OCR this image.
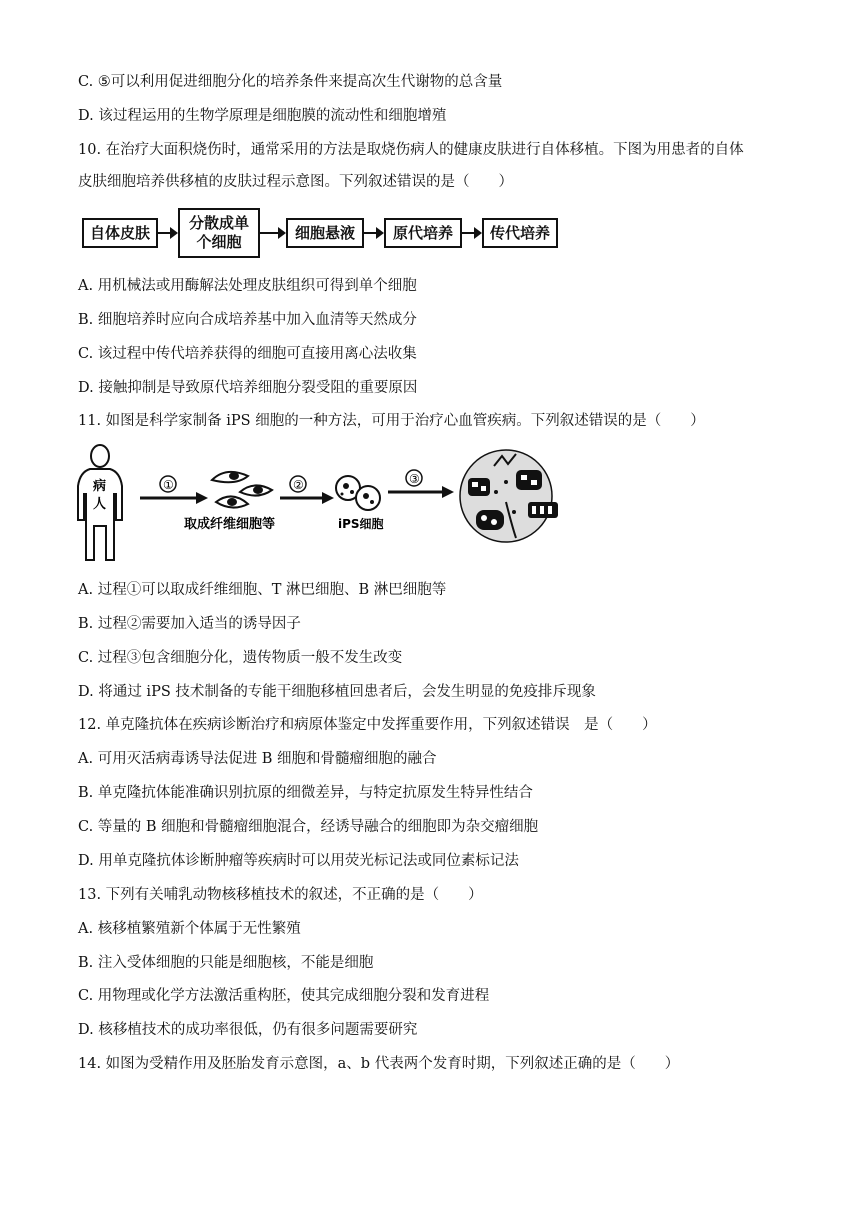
C. ⑤可以利用促进细胞分化的培养条件来提高次生代谢物的总含量
D. 该过程运用的生物学原理是细胞膜的流动性和细胞增殖
10. 在治疗大面积烧伤时，通常采用的方法是取烧伤病人的健康皮肤进行自体移植。下图为用患者的自体
皮肤细胞培养供移植的皮肤过程示意图。下列叙述错误的是（　　）
自体皮肤
分散成单
个细胞
细胞悬液	原代培养	传代培养
A. 用机械法或用酶解法处理皮肤组织可得到单个细胞
B. 细胞培养时应向合成培养基中加入血清等天然成分
C. 该过程中传代培养获得的细胞可直接用离心法收集
D. 接触抑制是导致原代培养细胞分裂受阻的重要原因
11. 如图是科学家制备 iPS 细胞的一种方法，可用于治疗心血管疾病。下列叙述错误的是（　　）
病
人
①
取成纤维细胞等
②
iPS细胞
③
A. 过程①可以取成纤维细胞、T 淋巴细胞、B 淋巴细胞等
B. 过程②需要加入适当的诱导因子
C. 过程③包含细胞分化，遗传物质一般不发生改变
D. 将通过 iPS 技术制备的专能干细胞移植回患者后，会发生明显的免疫排斥现象
12. 单克隆抗体在疾病诊断治疗和病原体鉴定中发挥重要作用，下列叙述错误　是（　　）
A. 可用灭活病毒诱导法促进 B 细胞和骨髓瘤细胞的融合
B. 单克隆抗体能准确识别抗原的细微差异，与特定抗原发生特异性结合
C. 等量的 B 细胞和骨髓瘤细胞混合，经诱导融合的细胞即为杂交瘤细胞
D. 用单克隆抗体诊断肿瘤等疾病时可以用荧光标记法或同位素标记法
13. 下列有关哺乳动物核移植技术的叙述，不正确的是（　　）
A. 核移植繁殖新个体属于无性繁殖
B. 注入受体细胞的只能是细胞核，不能是细胞
C. 用物理或化学方法激活重构胚，使其完成细胞分裂和发育进程
D. 核移植技术的成功率很低，仍有很多问题需要研究
14. 如图为受精作用及胚胎发育示意图，a、b 代表两个发育时期，下列叙述正确的是（　　）
